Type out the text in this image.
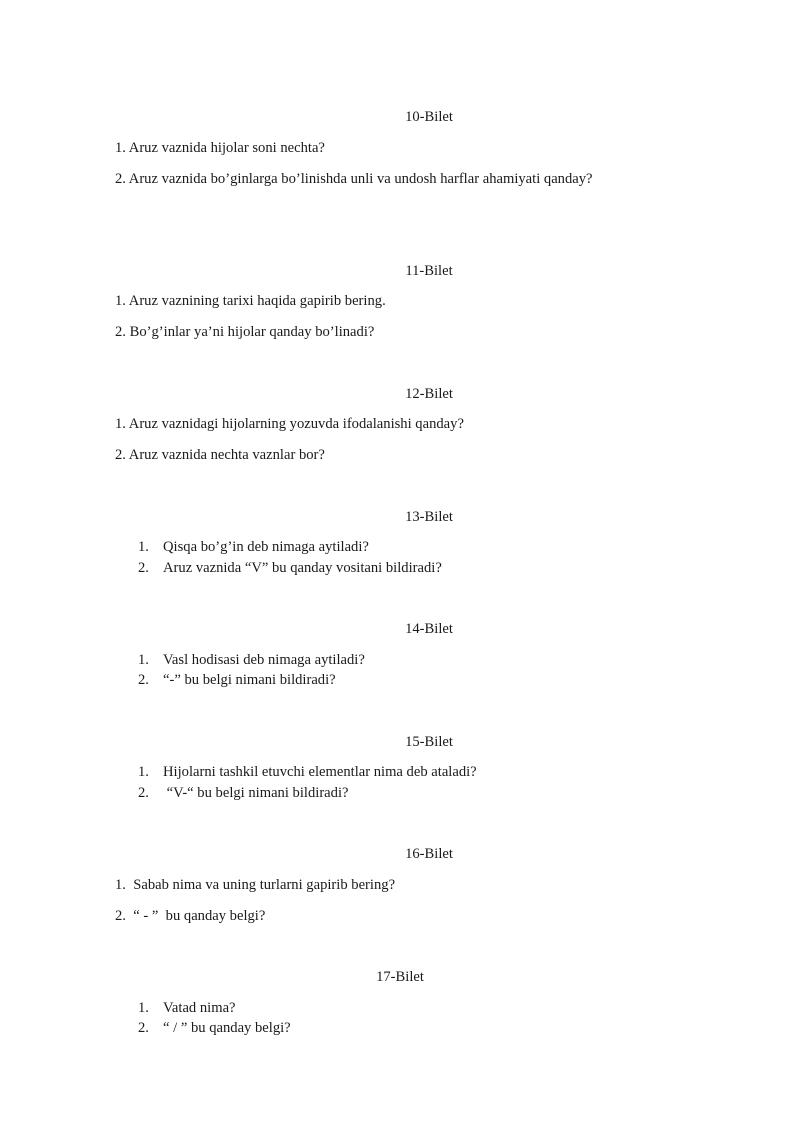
10-Bilet
1. Aruz vaznida hijolar soni nechta?
2. Aruz vaznida bo’ginlarga bo’linishda unli va undosh harflar ahamiyati qanday?
11-Bilet
1. Aruz vaznining tarixi haqida gapirib bering.
2. Bo’g’inlar ya’ni hijolar qanday bo’linadi?
12-Bilet
1. Aruz vaznidagi hijolarning yozuvda ifodalanishi qanday?
2. Aruz vaznida nechta vaznlar bor?
13-Bilet
1. Qisqa bo’g’in deb nimaga aytiladi?
2. Aruz vaznida “V” bu qanday vositani bildiradi?
14-Bilet
1. Vasl hodisasi deb nimaga aytiladi?
2. “-” bu belgi nimani bildiradi?
15-Bilet
1. Hijolarni tashkil etuvchi elementlar nima deb ataladi?
2. “V-“ bu belgi nimani bildiradi?
16-Bilet
1.  Sabab nima va uning turlarni gapirib bering?
2.  “ - ”  bu qanday belgi?
17-Bilet
1. Vatad nima?
2. “ / ” bu qanday belgi?
